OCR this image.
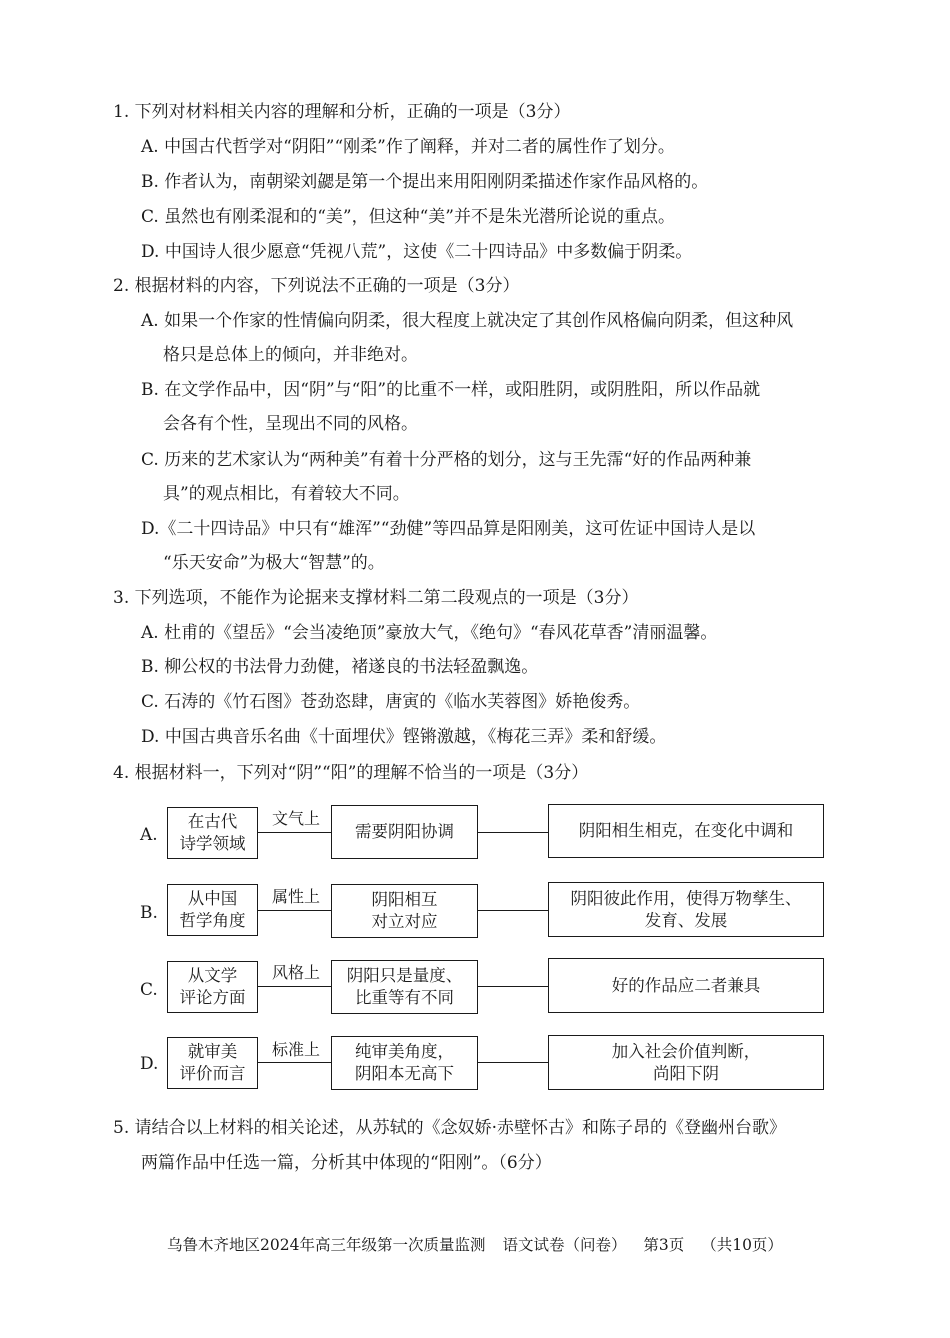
1. 下列对材料相关内容的理解和分析，正确的一项是（3分）
A. 中国古代哲学对“阴阳”“刚柔”作了阐释，并对二者的属性作了划分。
B. 作者认为，南朝梁刘勰是第一个提出来用阳刚阴柔描述作家作品风格的。
C. 虽然也有刚柔混和的“美”，但这种“美”并不是朱光潜所论说的重点。
D. 中国诗人很少愿意“凭视八荒”，这使《二十四诗品》中多数偏于阴柔。
2. 根据材料的内容，下列说法不正确的一项是（3分）
A. 如果一个作家的性情偏向阴柔，很大程度上就决定了其创作风格偏向阴柔，但这种风
格只是总体上的倾向，并非绝对。
B. 在文学作品中，因“阴”与“阳”的比重不一样，或阳胜阴，或阴胜阳，所以作品就
会各有个性，呈现出不同的风格。
C. 历来的艺术家认为“两种美”有着十分严格的划分，这与王先霈“好的作品两种兼
具”的观点相比，有着较大不同。
D.《二十四诗品》中只有“雄浑”“劲健”等四品算是阳刚美，这可佐证中国诗人是以
“乐天安命”为极大“智慧”的。
3. 下列选项，不能作为论据来支撑材料二第二段观点的一项是（3分）
A. 杜甫的《望岳》“会当凌绝顶”豪放大气，《绝句》“春风花草香”清丽温馨。
B. 柳公权的书法骨力劲健，褚遂良的书法轻盈飘逸。
C. 石涛的《竹石图》苍劲恣肆，唐寅的《临水芙蓉图》娇艳俊秀。
D. 中国古典音乐名曲《十面埋伏》铿锵激越，《梅花三弄》柔和舒缓。
4. 根据材料一，下列对“阴”“阳”的理解不恰当的一项是（3分）
A.
在古代
诗学领域
文气上
需要阴阳协调	阴阳相生相克，在变化中调和
B.
从中国
哲学角度
属性上	阴阳相互
对立对应
阴阳彼此作用，使得万物孳生、
发育、发展
C.
从文学
评论方面
风格上 阴阳只是量度、
比重等有不同
好的作品应二者兼具
D.
就审美
评价而言
标准上 纯审美角度，
阴阳本无高下
加入社会价值判断，
尚阳下阴
5. 请结合以上材料的相关论述，从苏轼的《念奴娇·赤壁怀古》和陈子昂的《登幽州台歌》
两篇作品中任选一篇，分析其中体现的“阳刚”。（6分）
乌鲁木齐地区2024年高三年级第一次质量监测 语文试卷（问卷） 第3页 （共10页）
